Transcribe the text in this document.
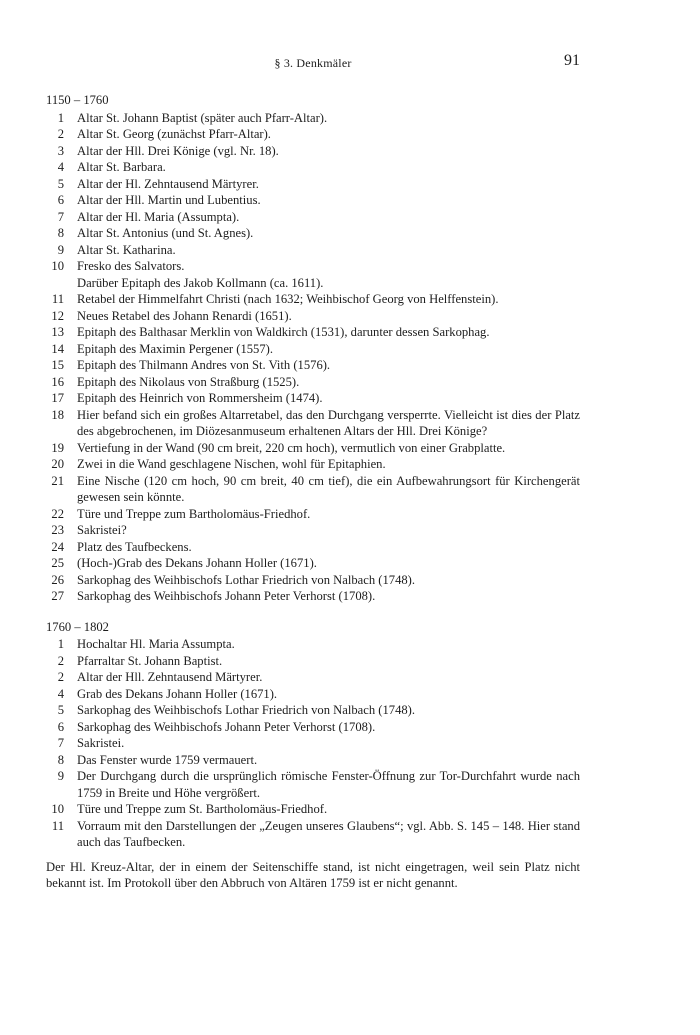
§ 3. Denkmäler	91
1150 – 1760
1 Altar St. Johann Baptist (später auch Pfarr-Altar).
2 Altar St. Georg (zunächst Pfarr-Altar).
3 Altar der Hll. Drei Könige (vgl. Nr. 18).
4 Altar St. Barbara.
5 Altar der Hl. Zehntausend Märtyrer.
6 Altar der Hll. Martin und Lubentius.
7 Altar der Hl. Maria (Assumpta).
8 Altar St. Antonius (und St. Agnes).
9 Altar St. Katharina.
10 Fresko des Salvators.
Darüber Epitaph des Jakob Kollmann (ca. 1611).
11 Retabel der Himmelfahrt Christi (nach 1632; Weihbischof Georg von Helffenstein).
12 Neues Retabel des Johann Renardi (1651).
13 Epitaph des Balthasar Merklin von Waldkirch (1531), darunter dessen Sarkophag.
14 Epitaph des Maximin Pergener (1557).
15 Epitaph des Thilmann Andres von St. Vith (1576).
16 Epitaph des Nikolaus von Straßburg (1525).
17 Epitaph des Heinrich von Rommersheim (1474).
18 Hier befand sich ein großes Altarretabel, das den Durchgang versperrte. Vielleicht ist dies der Platz des abgebrochenen, im Diözesanmuseum erhaltenen Altars der Hll. Drei Könige?
19 Vertiefung in der Wand (90 cm breit, 220 cm hoch), vermutlich von einer Grabplatte.
20 Zwei in die Wand geschlagene Nischen, wohl für Epitaphien.
21 Eine Nische (120 cm hoch, 90 cm breit, 40 cm tief), die ein Aufbewahrungsort für Kirchengerät gewesen sein könnte.
22 Türe und Treppe zum Bartholomäus-Friedhof.
23 Sakristei?
24 Platz des Taufbeckens.
25 (Hoch-)Grab des Dekans Johann Holler (1671).
26 Sarkophag des Weihbischofs Lothar Friedrich von Nalbach (1748).
27 Sarkophag des Weihbischofs Johann Peter Verhorst (1708).
1760 – 1802
1 Hochaltar Hl. Maria Assumpta.
2 Pfarraltar St. Johann Baptist.
2 Altar der Hll. Zehntausend Märtyrer.
4 Grab des Dekans Johann Holler (1671).
5 Sarkophag des Weihbischofs Lothar Friedrich von Nalbach (1748).
6 Sarkophag des Weihbischofs Johann Peter Verhorst (1708).
7 Sakristei.
8 Das Fenster wurde 1759 vermauert.
9 Der Durchgang durch die ursprünglich römische Fenster-Öffnung zur Tor-Durchfahrt wurde nach 1759 in Breite und Höhe vergrößert.
10 Türe und Treppe zum St. Bartholomäus-Friedhof.
11 Vorraum mit den Darstellungen der „Zeugen unseres Glaubens“; vgl. Abb. S. 145 – 148. Hier stand auch das Taufbecken.

Der Hl. Kreuz-Altar, der in einem der Seitenschiffe stand, ist nicht eingetragen, weil sein Platz nicht bekannt ist. Im Protokoll über den Abbruch von Altären 1759 ist er nicht genannt.
